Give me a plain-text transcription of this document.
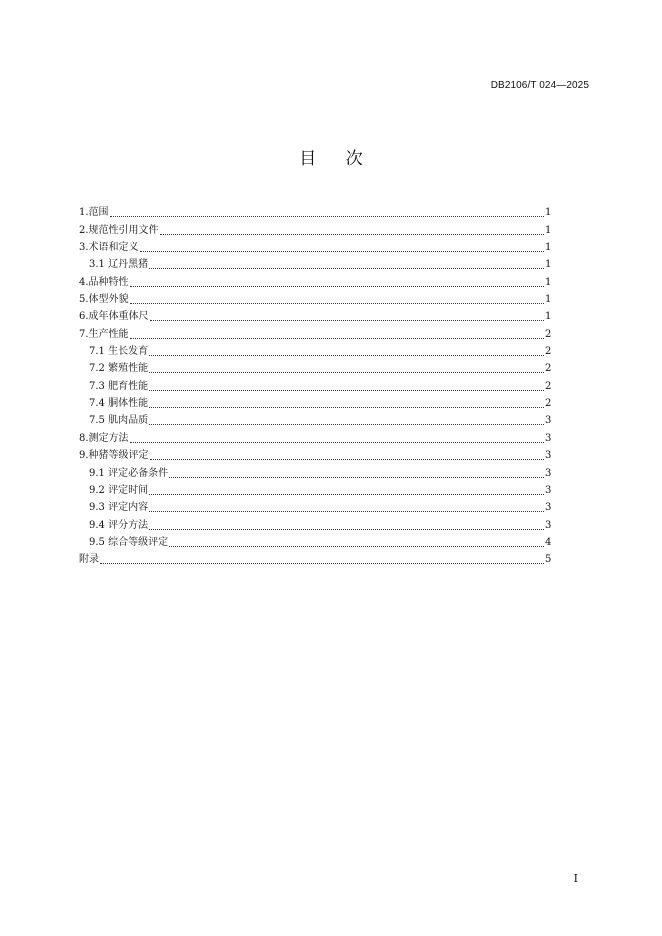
DB2106/T 024—2025
目 次
1.范围	1
2.规范性引用文件	1
3.术语和定义	1
3.1 辽丹黑猪	1
4.品种特性	1
5.体型外貌	1
6.成年体重体尺	1
7.生产性能	2
7.1 生长发育	2
7.2 繁殖性能	2
7.3 肥育性能	2
7.4 胴体性能	2
7.5 肌肉品质	3
8.测定方法	3
9.种猪等级评定	3
9.1 评定必备条件	3
9.2 评定时间	3
9.3 评定内容	3
9.4 评分方法	3
9.5 综合等级评定	4
附录	5
I
